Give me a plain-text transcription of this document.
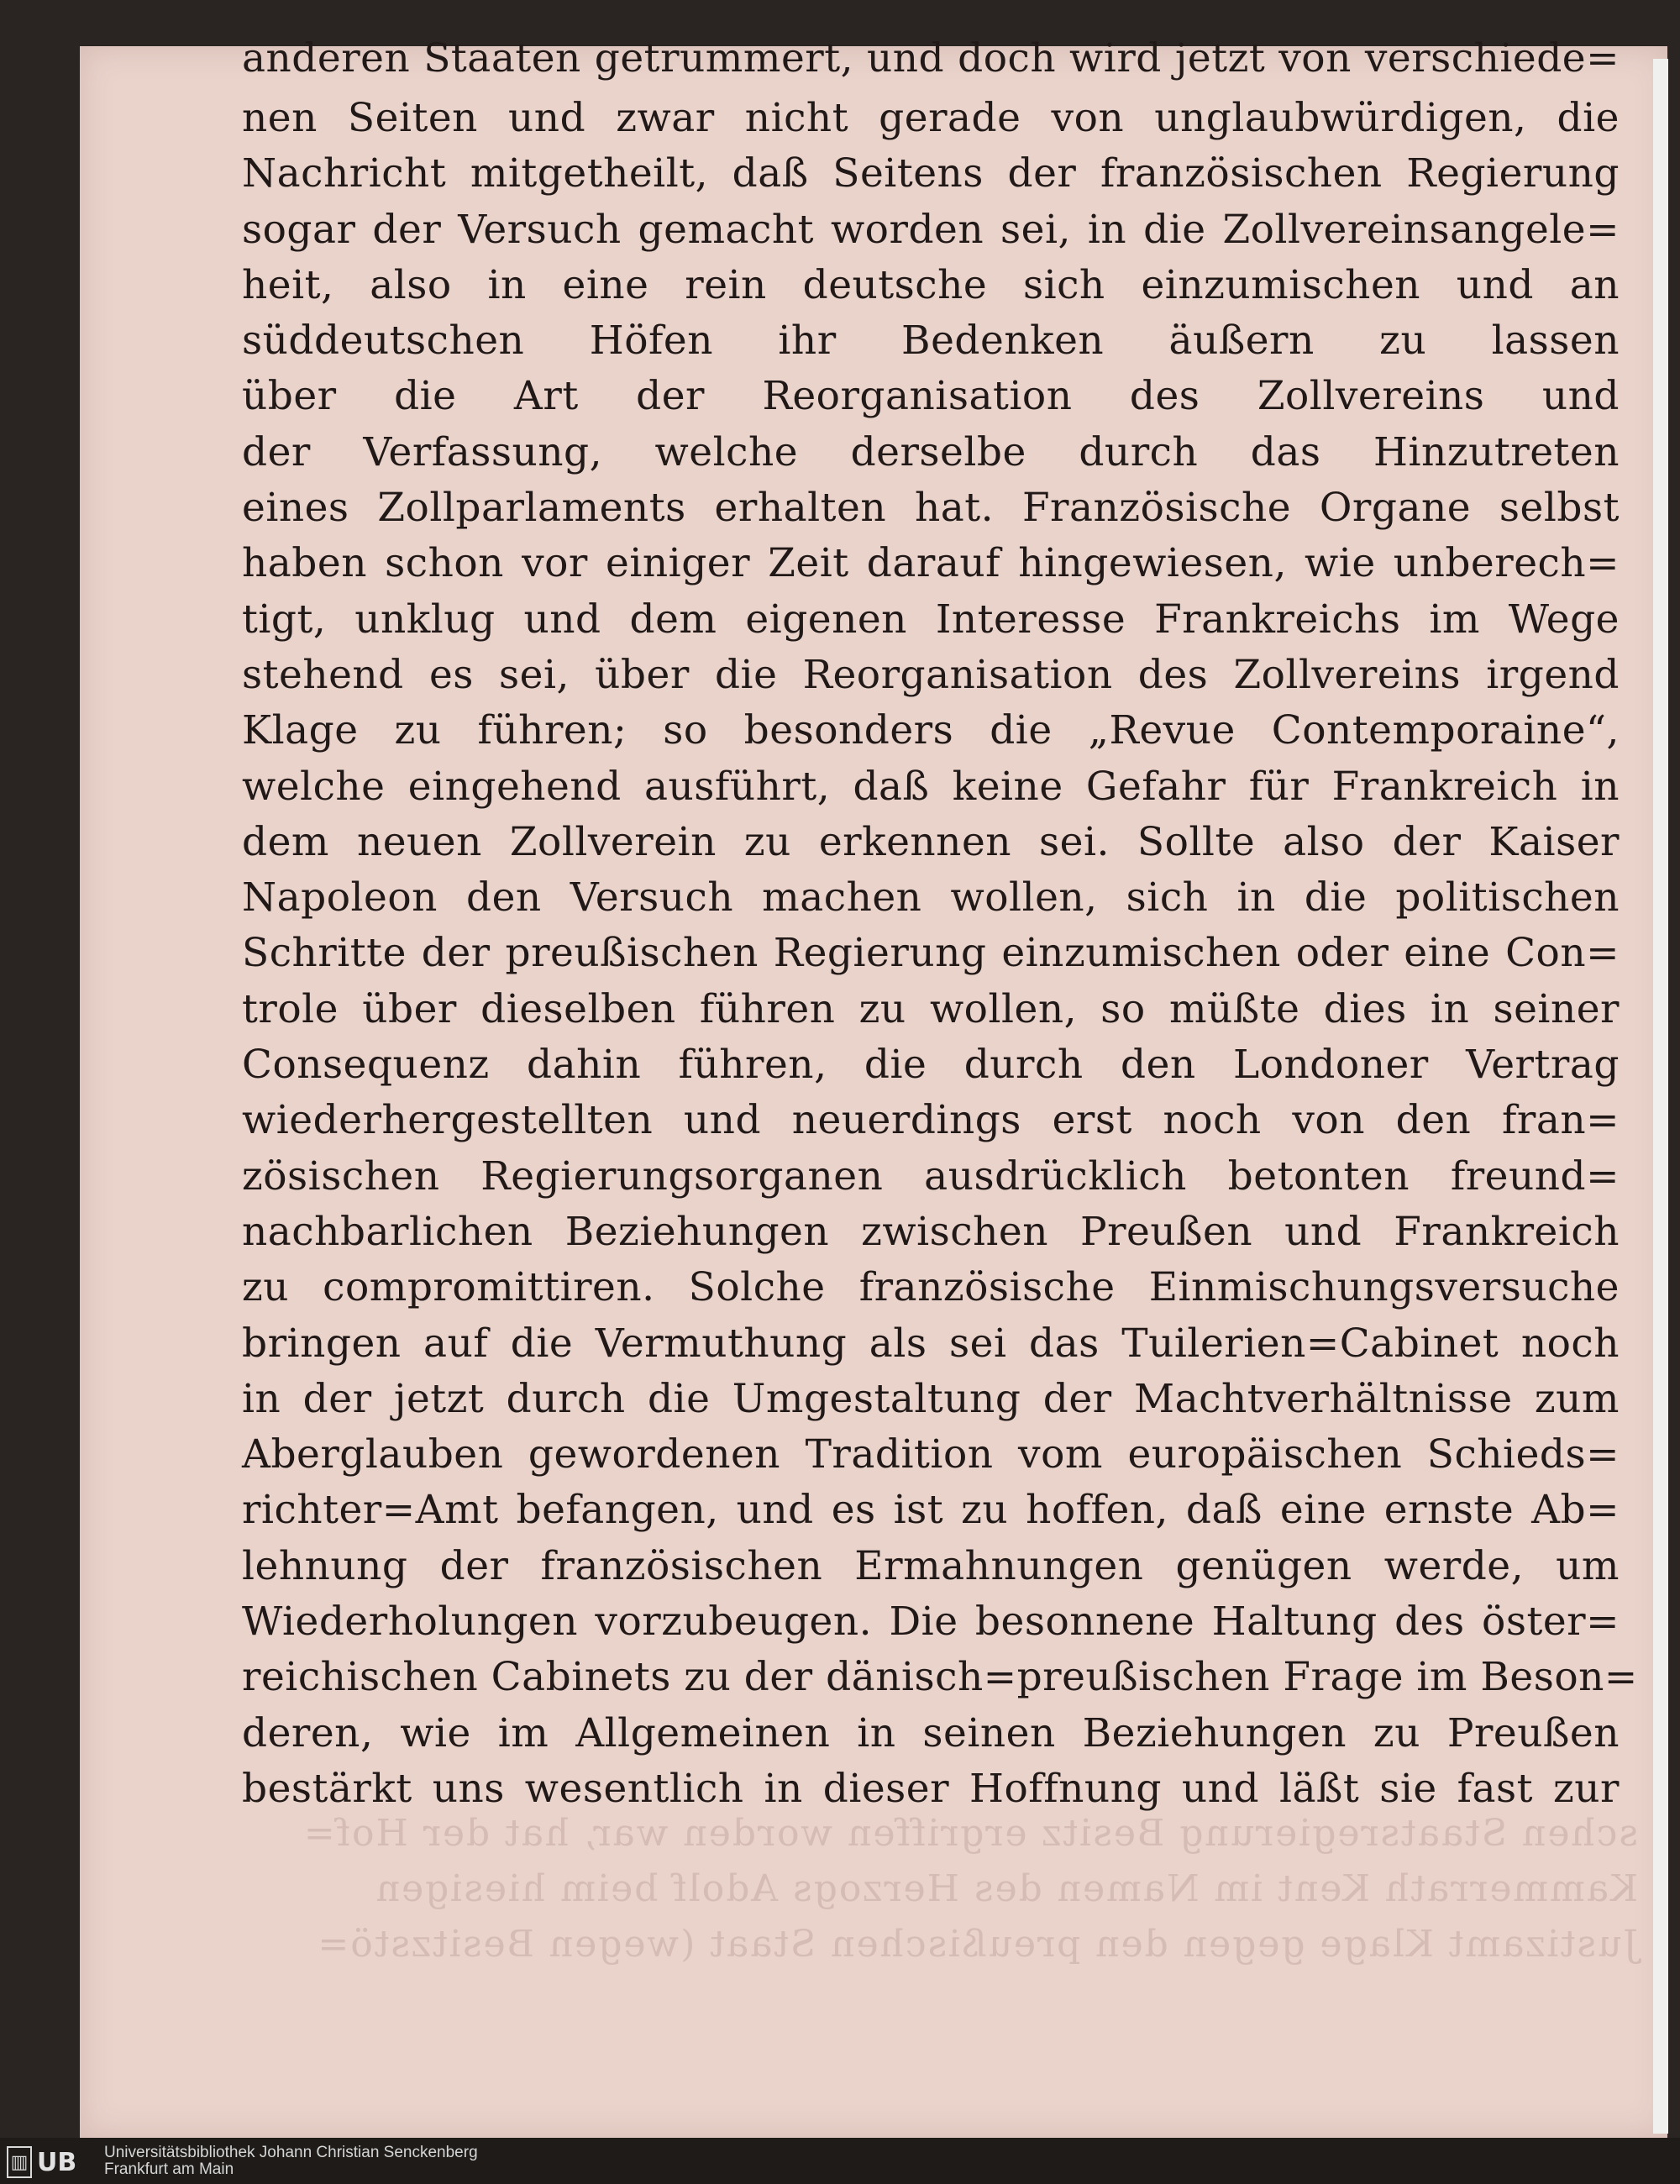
schen Staatsregierung Besitz ergriffen worden war, hat der Hof=
Kammerrath Kent im Namen des Herzogs Adolf beim hiesigen
Justizamt Klage gegen den preußischen Staat (wegen Besitzstö=
nen Seiten und zwar nicht gerade von unglaubwürdigen, die
Nachricht mitgetheilt, daß Seitens der französischen Regierung
sogar der Versuch gemacht worden sei, in die Zollvereinsangele=
heit, also in eine rein deutsche sich einzumischen und an
süddeutschen Höfen ihr Bedenken äußern zu lassen
über die Art der Reorganisation des Zollvereins und
der Verfassung, welche derselbe durch das Hinzutreten
eines Zollparlaments erhalten hat. Französische Organe selbst
haben schon vor einiger Zeit darauf hingewiesen, wie unberech=
tigt, unklug und dem eigenen Interesse Frankreichs im Wege
stehend es sei, über die Reorganisation des Zollvereins irgend
Klage zu führen; so besonders die „Revue Contemporaine“,
welche eingehend ausführt, daß keine Gefahr für Frankreich in
dem neuen Zollverein zu erkennen sei. Sollte also der Kaiser
Napoleon den Versuch machen wollen, sich in die politischen
Schritte der preußischen Regierung einzumischen oder eine Con=
trole über dieselben führen zu wollen, so müßte dies in seiner
Consequenz dahin führen, die durch den Londoner Vertrag
wiederhergestellten und neuerdings erst noch von den fran=
zösischen Regierungsorganen ausdrücklich betonten freund=
nachbarlichen Beziehungen zwischen Preußen und Frankreich
zu compromittiren. Solche französische Einmischungsversuche
bringen auf die Vermuthung als sei das Tuilerien=Cabinet noch
in der jetzt durch die Umgestaltung der Machtverhältnisse zum
Aberglauben gewordenen Tradition vom europäischen Schieds=
richter=Amt befangen, und es ist zu hoffen, daß eine ernste Ab=
lehnung der französischen Ermahnungen genügen werde, um
Wiederholungen vorzubeugen. Die besonnene Haltung des öster=
reichischen Cabinets zu der dänisch=preußischen Frage im Beson=
deren, wie im Allgemeinen in seinen Beziehungen zu Preußen
bestärkt uns wesentlich in dieser Hoffnung und läßt sie fast zur
▥ UB Universitätsbibliothek Johann Christian Senckenberg
Frankfurt am Main
